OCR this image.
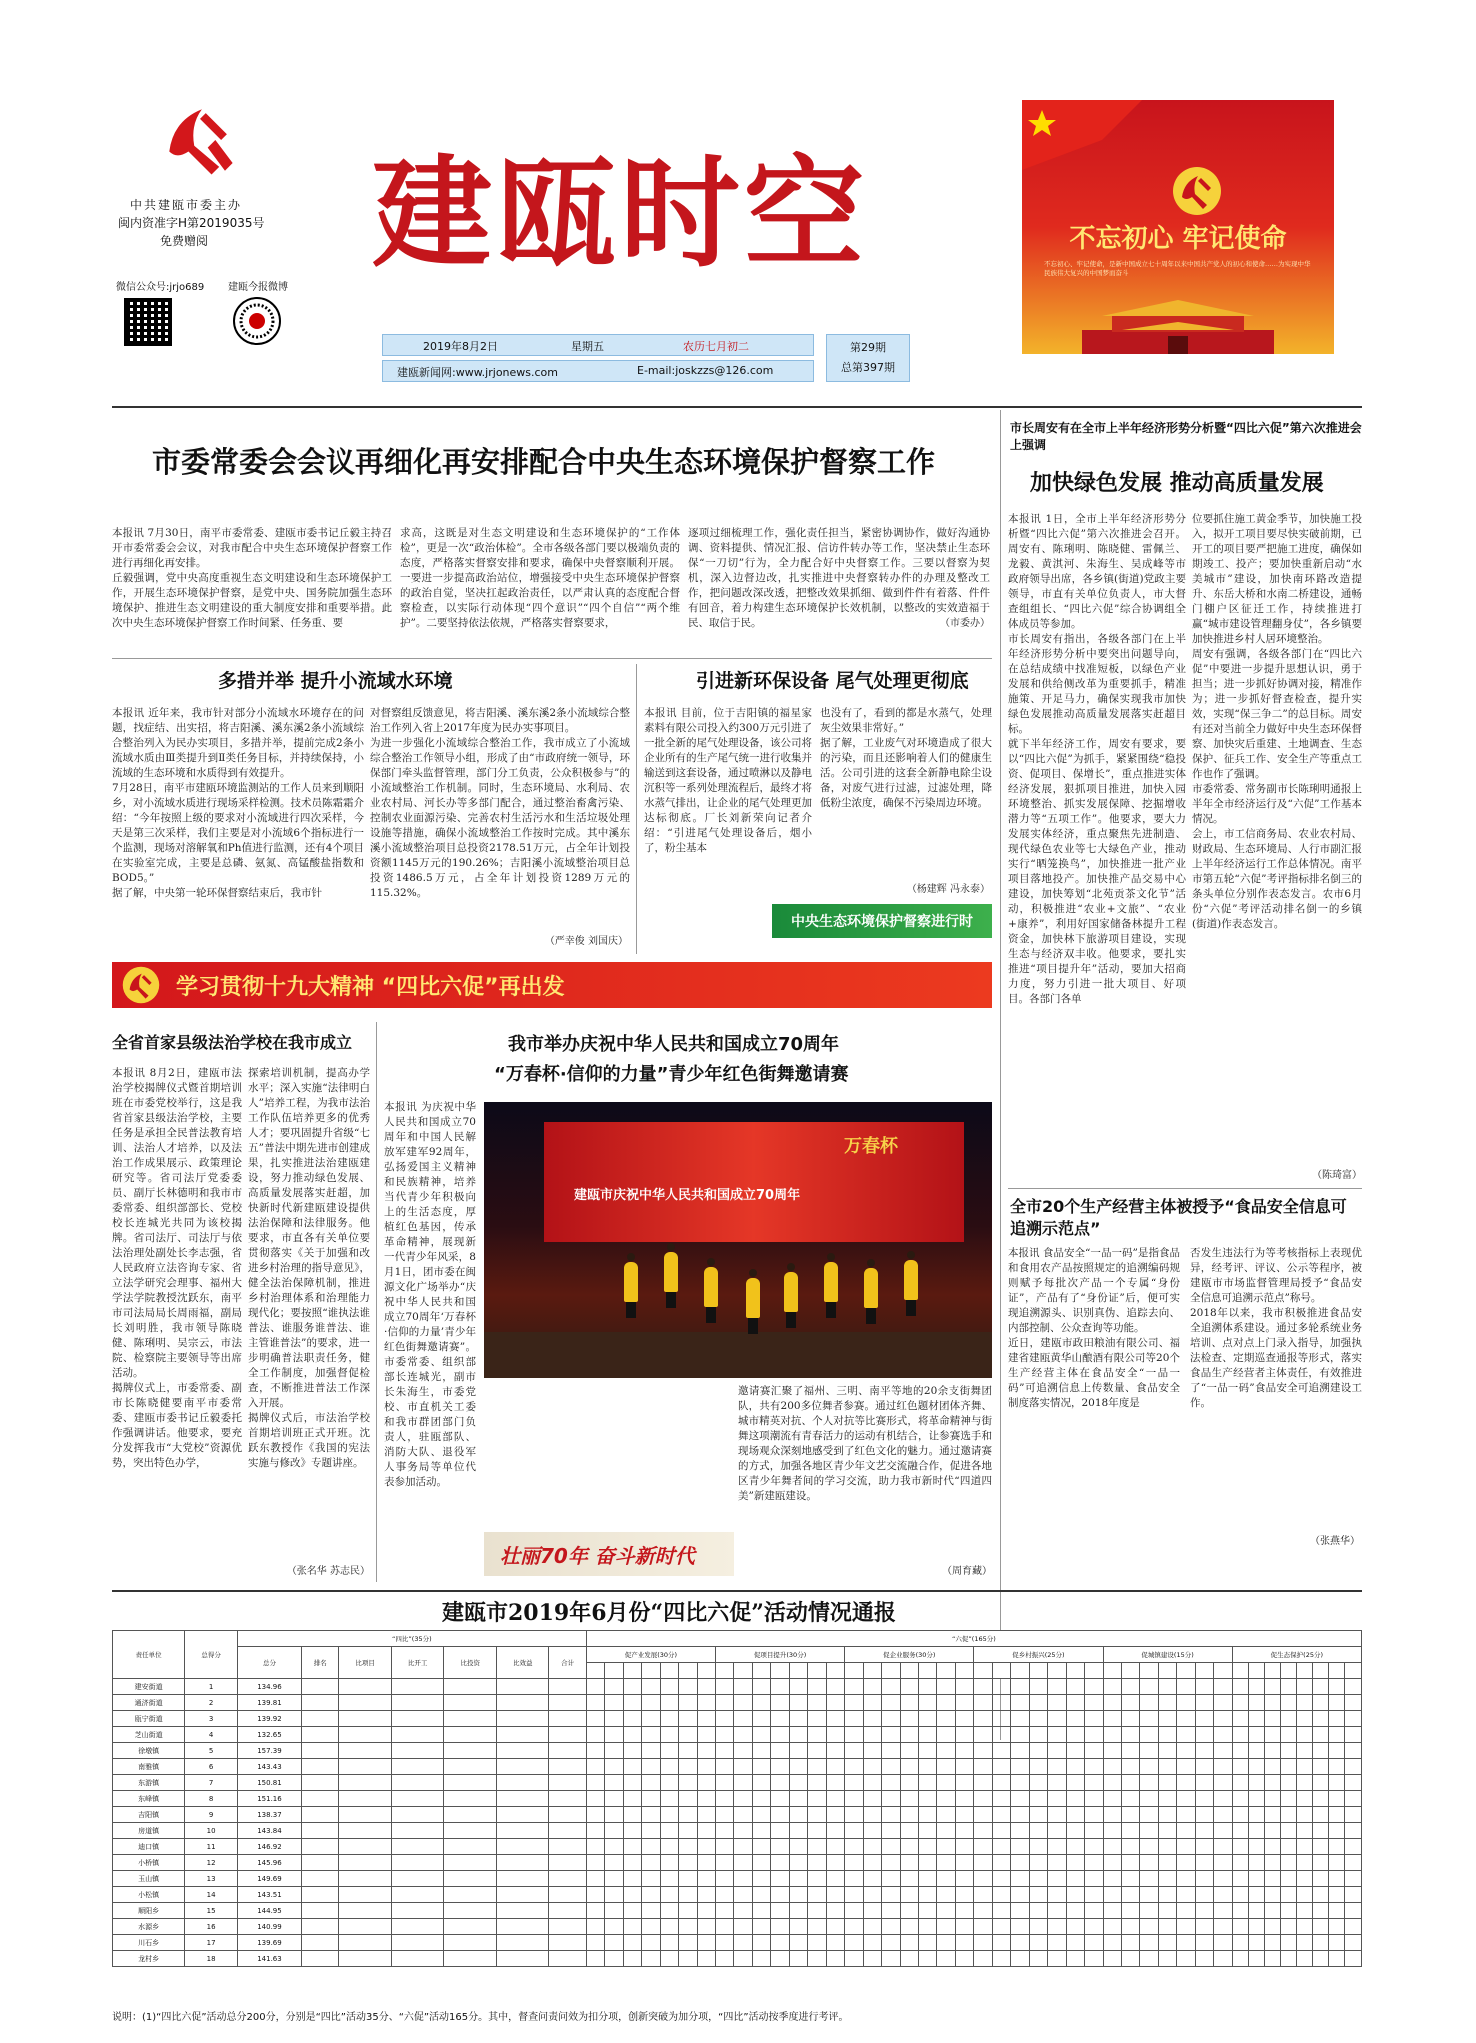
中共建瓯市委主办
闽内资准字H第2019035号
免费赠阅
微信公众号:jrjo689 建瓯今报微博
建瓯时空
2019年8月2日	星期五	农历七月初二
建瓯新闻网:www.jrjonews.com	E-mail:joskzzs@126.com
第29期
总第397期
不忘初心 牢记使命
不忘初心、牢记使命，是新中国成立七十周年以来中国共产党人的初心和使命……为实现中华民族伟大复兴的中国梦而奋斗
市委常委会会议再细化再安排配合中央生态环境保护督察工作
本报讯 7月30日，南平市委常委、建瓯市委书记丘毅主持召开市委常委会会议，对我市配合中央生态环境保护督察工作进行再细化再安排。
丘毅强调，党中央高度重视生态文明建设和生态环境保护工作，开展生态环境保护督察，是党中央、国务院加强生态环境保护、推进生态文明建设的重大制度安排和重要举措。此次中央生态环境保护督察工作时间紧、任务重、要
求高，这既是对生态文明建设和生态环境保护的“工作体检”，更是一次“政治体检”。全市各级各部门要以极端负责的态度，严格落实督察安排和要求，确保中央督察顺利开展。一要进一步提高政治站位，增强接受中央生态环境保护督察的政治自觉，坚决扛起政治责任，以严肃认真的态度配合督察检查，以实际行动体现“四个意识”“四个自信”“两个维护”。二要坚持依法依规，严格落实督察要求，
逐项过细梳理工作，强化责任担当，紧密协调协作，做好沟通协调、资料提供、情况汇报、信访件转办等工作，坚决禁止生态环保“一刀切”行为，全力配合好中央督察工作。三要以督察为契机，深入边督边改，扎实推进中央督察转办件的办理及整改工作，把问题改深改透，把整改效果抓细、做到件件有着落、件件有回音，着力构建生态环境保护长效机制，以整改的实效造福于民、取信于民。	（市委办）
多措并举 提升小流域水环境
本报讯 近年来，我市针对部分小流域水环境存在的问题，找症结、出实招，将吉阳溪、溪东溪2条小流域综合整治列入为民办实项目，多措并举，提前完成2条小流域水质由Ⅲ类提升到Ⅱ类任务目标，并持续保持，小流域的生态环境和水质得到有效提升。
7月28日，南平市建瓯环境监测站的工作人员来到顺阳乡，对小流域水质进行现场采样检测。技术员陈霜霜介绍：“今年按照上级的要求对小流域进行四次采样，今天是第三次采样，我们主要是对小流域6个指标进行一个监测，现场对溶解氧和Ph值进行监测，还有4个项目在实验室完成，主要是总磷、氨氮、高锰酸盐指数和BOD5。”
据了解，中央第一轮环保督察结束后，我市针
对督察组反馈意见，将吉阳溪、溪东溪2条小流域综合整治工作列入省上2017年度为民办实事项目。
为进一步强化小流域综合整治工作，我市成立了小流域综合整治工作领导小组，形成了由“市政府统一领导，环保部门牵头监督管理，部门分工负责，公众积极参与”的小流域整治工作机制。同时，生态环境局、水利局、农业农村局、河长办等多部门配合，通过整治畜禽污染、控制农业面源污染、完善农村生活污水和生活垃圾处理设施等措施，确保小流域整治工作按时完成。其中溪东溪小流域整治项目总投资2178.51万元，占全年计划投资额1145万元的190.26%；吉阳溪小流域整治项目总投资1486.5万元，占全年计划投资1289万元的115.32%。
（严幸俊 刘国庆）
引进新环保设备 尾气处理更彻底
本报讯 目前，位于吉阳镇的福星家素料有限公司投入约300万元引进了一批全新的尾气处理设备，该公司将企业所有的生产尾气统一进行收集并输送到这套设备，通过喷淋以及静电沉积等一系列处理流程后，最终才将水蒸气排出，让企业的尾气处理更加达标彻底。厂长刘新荣向记者介绍：“引进尾气处理设备后，烟小了，粉尘基本
也没有了，看到的都是水蒸气，处理灰尘效果非常好。”
据了解，工业废气对环境造成了很大的污染，而且还影响着人们的健康生活。公司引进的这套全新静电除尘设备，对废气进行过滤，过滤处理，降低粉尘浓度，确保不污染周边环境。
（杨建辉 冯永泰）
中央生态环境保护督察进行时
市长周安有在全市上半年经济形势分析暨“四比六促”第六次推进会上强调
加快绿色发展 推动高质量发展
本报讯 1日，全市上半年经济形势分析暨“四比六促”第六次推进会召开。周安有、陈琍明、陈晓健、雷佩兰、龙毅、黄淇河、朱海生、吴成峰等市政府领导出席，各乡镇(街道)党政主要领导，市直有关单位负责人，市大督查组组长、“四比六促”综合协调组全体成员等参加。
市长周安有指出，各级各部门在上半年经济形势分析中要突出问题导向，在总结成绩中找准短板，以绿色产业发展和供给侧改革为重要抓手，精准施策、开足马力，确保实现我市加快绿色发展推动高质量发展落实赶超目标。
就下半年经济工作，周安有要求，要以“四比六促”为抓手，紧紧围绕“稳投资、促项目、保增长”，重点推进实体经济发展，狠抓项目推进，加快入园环境整治、抓实发展保障、挖掘增收潜力等“五项工作”。他要求，要大力发展实体经济，重点聚焦先进制造、现代绿色农业等七大绿色产业，推动实行“晒笼换鸟”，加快推进一批产业项目落地投产。加快推产品交易中心建设，加快筹划“北苑贡茶文化节”活动，积极推进“农业+文旅”、“农业+康养”，利用好国家储备林提升工程资金，加快林下旅游项目建设，实现生态与经济双丰收。他要求，要扎实推进“项目提升年”活动，要加大招商力度，努力引进一批大项目、好项目。各部门各单
位要抓住施工黄金季节，加快施工投入，拟开工项目要尽快实破前期，已开工的项目要严把施工进度，确保如期竣工、投产；要加快重新启动“水美城市”建设，加快南环路改造提升、东岳大桥和水南二桥建设，通畅门棚户区征迁工作，持续推进打赢“城市建设管理翻身仗”，各乡镇要加快推进乡村人居环境整治。
周安有强调，各级各部门在“四比六促”中要进一步提升思想认识，勇于担当；进一步抓好协调对接，精准作为；进一步抓好督查检查，提升实效，实现“保三争二”的总目标。周安有还对当前全力做好中央生态环保督察、加快灾后重建、土地调查、生态保护、征兵工作、安全生产等重点工作也作了强调。
市委常委、常务副市长陈琍明通报上半年全市经济运行及“六促”工作基本情况。
会上，市工信商务局、农业农村局、财政局、生态环境局、人行市副汇报上半年经济运行工作总体情况。南平市第五轮“六促”考评指标排名倒三的条头单位分别作表态发言。农市6月份“六促”考评活动排名倒一的乡镇(街道)作表态发言。
（陈琦富）
全市20个生产经营主体被授予“食品安全信息可追溯示范点”
本报讯 食品安全“一品一码”是指食品和食用农产品按照规定的追溯编码规则赋予每批次产品一个专属“身份证”，产品有了“身份证”后，便可实现追溯源头、识别真伪、追踪去向、内部控制、公众查询等功能。
近日，建瓯市政田粮油有限公司、福建省建瓯黄华山酿酒有限公司等20个生产经营主体在食品安全“一品一码”可追溯信息上传数量、食品安全制度落实情况，2018年度是
否发生违法行为等考核指标上表现优异，经考评、评议、公示等程序，被建瓯市市场监督管理局授予“食品安全信息可追溯示范点”称号。
2018年以来，我市积极推进食品安全追溯体系建设。通过多轮系统业务培训、点对点上门录入指导，加强执法检查、定期巡查通报等形式，落实食品生产经营者主体责任，有效推进了“一品一码”食品安全可追溯建设工作。
（张燕华）
学习贯彻十九大精神 “四比六促”再出发
全省首家县级法治学校在我市成立
本报讯 8月2日，建瓯市法治学校揭牌仪式暨首期培训班在市委党校举行，这是我省首家县级法治学校，主要任务是承担全民普法教育培训、法治人才培养，以及法治工作成果展示、政策理论研究等。省司法厅党委委员、副厅长林德明和我市市委常委、组织部部长、党校校长连城光共同为该校揭牌。省司法厅、司法厅与依法治理处副处长李志强，省人民政府立法咨询专家、省立法学研究会理事、福州大学法学院教授沈跃东，南平市司法局局长周雨福，副局长刘明胜，我市领导陈晓健、陈琍明、吴宗云，市法院、检察院主要领导等出席活动。
揭牌仪式上，市委常委、副市长陈晓健要南平市委常委、建瓯市委书记丘毅委托作强调讲话。他要求，要充分发挥我市“大党校”资源优势，突出特色办学，
探索培训机制，提高办学水平；深入实施“法律明白人”培养工程，为我市法治工作队伍培养更多的优秀人才；要巩固提升省级“七五”普法中期先进市创建成果，扎实推进法治建瓯建设，努力推动绿色发展、高质量发展落实赶超，加快新时代新建瓯建设提供法治保障和法律服务。他要求，市直各有关单位要贯彻落实《关于加强和改进乡村治理的指导意见》，健全法治保障机制，推进乡村治理体系和治理能力现代化；要按照“谁执法谁普法、谁服务谁普法、谁主管谁普法”的要求，进一步明确普法职责任务，健全工作制度，加强督促检查，不断推进普法工作深入开展。
揭牌仪式后，市法治学校首期培训班正式开班。沈跃东教授作《我国的宪法实施与修改》专题讲座。
（张名华 苏志民）
我市举办庆祝中华人民共和国成立70周年
“万春杯·信仰的力量”青少年红色街舞邀请赛
本报讯 为庆祝中华人民共和国成立70周年和中国人民解放军建军92周年，弘扬爱国主义精神和民族精神，培养当代青少年积极向上的生活态度，厚植红色基因，传承革命精神，展现新一代青少年风采，8月1日，团市委在闽源文化广场举办“庆祝中华人民共和国成立70周年‘万春杯·信仰的力量’青少年红色街舞邀请赛”。市委常委、组织部部长连城光，副市长朱海生，市委党校、市直机关工委和我市群团部门负责人，驻瓯部队、消防大队、退役军人事务局等单位代表参加活动。
万春杯
建瓯市庆祝中华人民共和国成立70周年
邀请赛汇聚了福州、三明、南平等地的20余支街舞团队，共有200多位舞者参赛。通过红色题材团体齐舞、城市精英对抗、个人对抗等比赛形式，将革命精神与街舞这项潮流有青春活力的运动有机结合，让参赛选手和现场观众深刻地感受到了红色文化的魅力。通过邀请赛的方式，加强各地区青少年文艺交流融合作，促进各地区青少年舞者间的学习交流，助力我市新时代“四道四美”新建瓯建设。
（周育藏）
壮丽70年 奋斗新时代
建瓯市2019年6月份“四比六促”活动情况通报
责任单位	总得分	“四比”(35分)							“六促”(165分)																																										
		总分	排名	比项目	比开工	比投资	比效益	合计	促产业发展(30分)							促项目提升(30分)							促企业服务(30分)							促乡村振兴(25分)							促城镇建设(15分)							促生态保护(25分)							

建安街道	1	134.96																																																	
通济街道	2	139.81																																																	
瓯宁街道	3	139.92																																																	
芝山街道	4	132.65																																																	
徐墩镇	5	157.39																																																	
南雅镇	6	143.43																																																	
东游镇	7	150.81																																																	
东峰镇	8	151.16																																																	
吉阳镇	9	138.37																																																	
房道镇	10	143.84																																																	
迪口镇	11	146.92																																																	
小桥镇	12	145.96																																																	
玉山镇	13	149.69																																																	
小松镇	14	143.51																																																	
顺阳乡	15	144.95																																																	
水源乡	16	140.99																																																	
川石乡	17	139.69																																																	
龙村乡	18	141.63																																																	
说明：(1)“四比六促”活动总分200分，分别是“四比”活动35分、“六促”活动165分。其中，督查问责问效为扣分项，创新突破为加分项，“四比”活动按季度进行考评。
